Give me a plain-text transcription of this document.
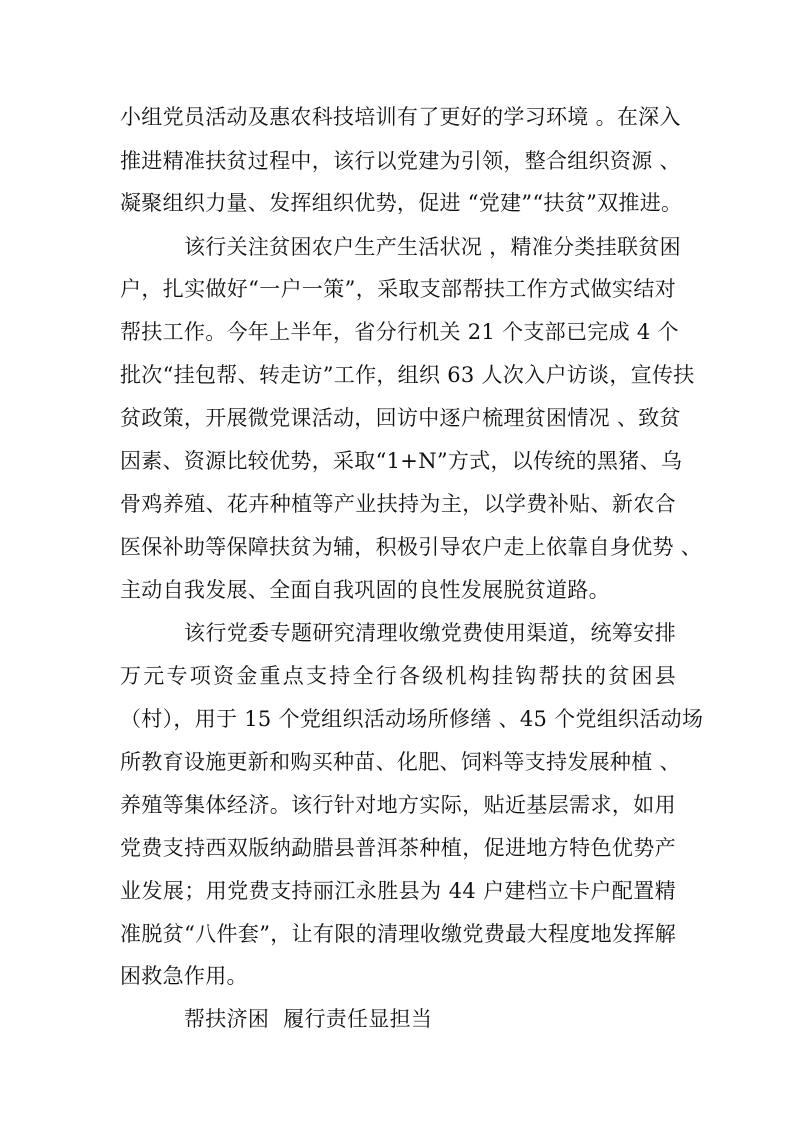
小组党员活动及惠农科技培训有了更好的学习环境 。在深入
推进精准扶贫过程中，该行以党建为引领，整合组织资源 、
凝聚组织力量、发挥组织优势，促进 “党建”“扶贫”双推进。
该行关注贫困农户生产生活状况 ，精准分类挂联贫困
户，扎实做好“一户一策”，采取支部帮扶工作方式做实结对
帮扶工作。今年上半年，省分行机关 21 个支部已完成 4 个
批次“挂包帮、转走访”工作，组织 63 人次入户访谈，宣传扶
贫政策，开展微党课活动，回访中逐户梳理贫困情况 、致贫
因素、资源比较优势，采取“1+N”方式，以传统的黑猪、乌
骨鸡养殖、花卉种植等产业扶持为主，以学费补贴、新农合
医保补助等保障扶贫为辅，积极引导农户走上依靠自身优势 、
主动自我发展、全面自我巩固的良性发展脱贫道路。
该行党委专题研究清理收缴党费使用渠道，统筹安排
万元专项资金重点支持全行各级机构挂钩帮扶的贫困县
（村），用于 15 个党组织活动场所修缮 、45 个党组织活动场
所教育设施更新和购买种苗、化肥、饲料等支持发展种植 、
养殖等集体经济。该行针对地方实际，贴近基层需求，如用
党费支持西双版纳勐腊县普洱茶种植，促进地方特色优势产
业发展；用党费支持丽江永胜县为 44 户建档立卡户配置精
准脱贫“八件套”，让有限的清理收缴党费最大程度地发挥解
困救急作用。
帮扶济困  履行责任显担当
